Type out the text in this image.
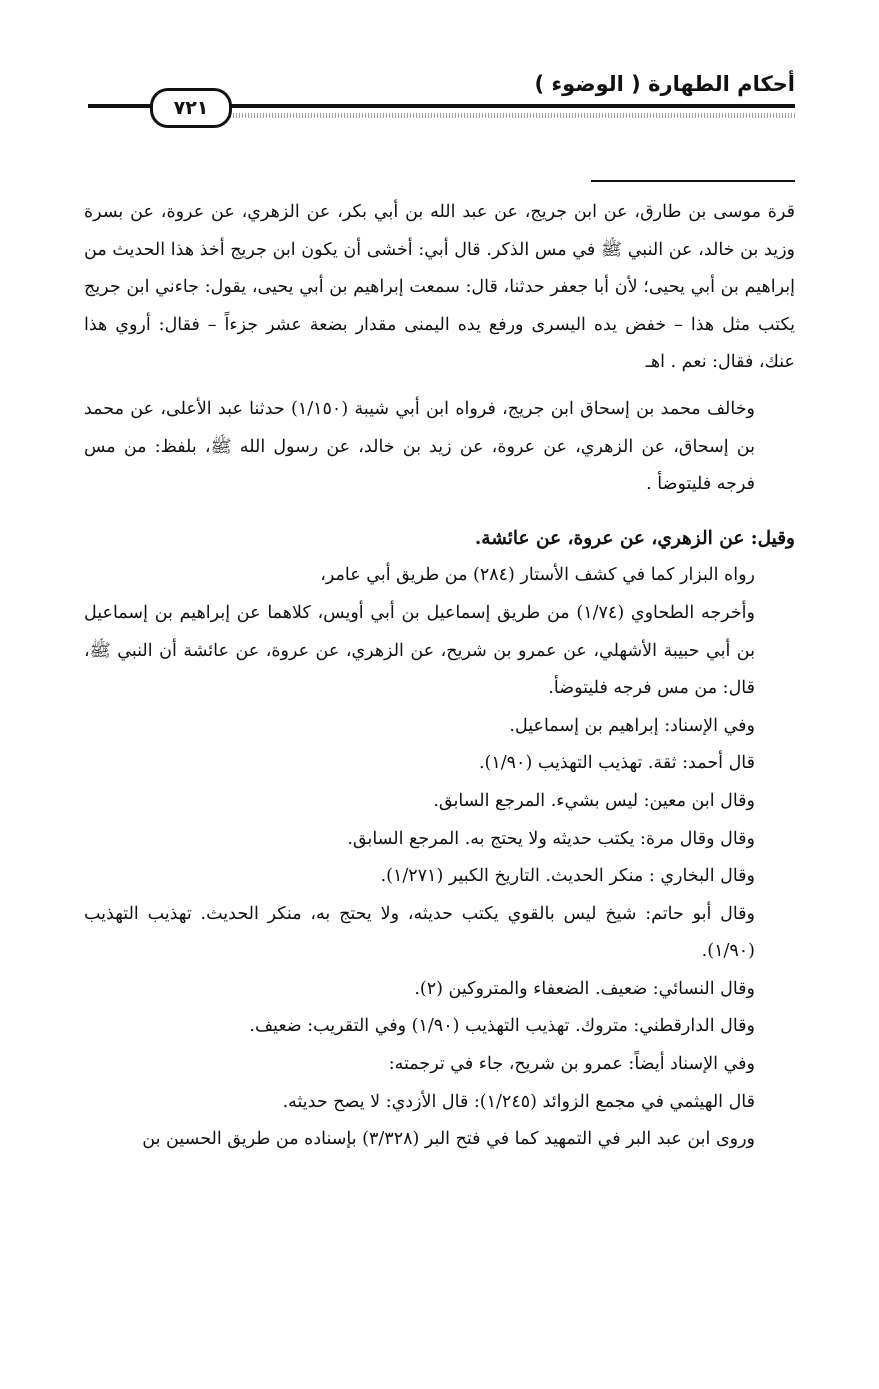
أحكام الطهارة ( الوضوء )
٧٢١

قرة موسى بن طارق، عن ابن جريج، عن عبد الله بن أبي بكر، عن الزهري، عن عروة، عن بسرة وزيد بن خالد، عن النبي ﷺ في مس الذكر. قال أبي: أخشى أن يكون ابن جريج أخذ هذا الحديث من إبراهيم بن أبي يحيى؛ لأن أبا جعفر حدثنا، قال: سمعت إبراهيم بن أبي يحيى، يقول: جاءني ابن جريج يكتب مثل هذا – خفض يده اليسرى ورفع يده اليمنى مقدار بضعة عشر جزءاً – فقال: أروي هذا عنك، فقال: نعم . اهـ

وخالف محمد بن إسحاق ابن جريج، فرواه ابن أبي شيبة (١/١٥٠) حدثنا عبد الأعلى، عن محمد بن إسحاق، عن الزهري، عن عروة، عن زيد بن خالد، عن رسول الله ﷺ، بلفظ: من مس فرجه فليتوضأ .

وقيل: عن الزهري، عن عروة، عن عائشة.

رواه البزار كما في كشف الأستار (٢٨٤) من طريق أبي عامر،

وأخرجه الطحاوي (١/٧٤) من طريق إسماعيل بن أبي أويس، كلاهما عن إبراهيم بن إسماعيل بن أبي حبيبة الأشهلي، عن عمرو بن شريح، عن الزهري، عن عروة، عن عائشة أن النبي ﷺ، قال: من مس فرجه فليتوضأ.

وفي الإسناد: إبراهيم بن إسماعيل.

قال أحمد: ثقة. تهذيب التهذيب (١/٩٠).

وقال ابن معين: ليس بشيء. المرجع السابق.

وقال وقال مرة: يكتب حديثه ولا يحتج به. المرجع السابق.

وقال البخاري : منكر الحديث. التاريخ الكبير (١/٢٧١).

وقال أبو حاتم: شيخ ليس بالقوي يكتب حديثه، ولا يحتج به، منكر الحديث. تهذيب التهذيب (١/٩٠).

وقال النسائي: ضعيف. الضعفاء والمتروكين (٢).

وقال الدارقطني: متروك. تهذيب التهذيب (١/٩٠) وفي التقريب: ضعيف.

وفي الإسناد أيضاً: عمرو بن شريح، جاء في ترجمته:

قال الهيثمي في مجمع الزوائد (١/٢٤٥): قال الأزدي: لا يصح حديثه.

وروى ابن عبد البر في التمهيد كما في فتح البر (٣/٣٢٨) بإسناده من طريق الحسين بن
